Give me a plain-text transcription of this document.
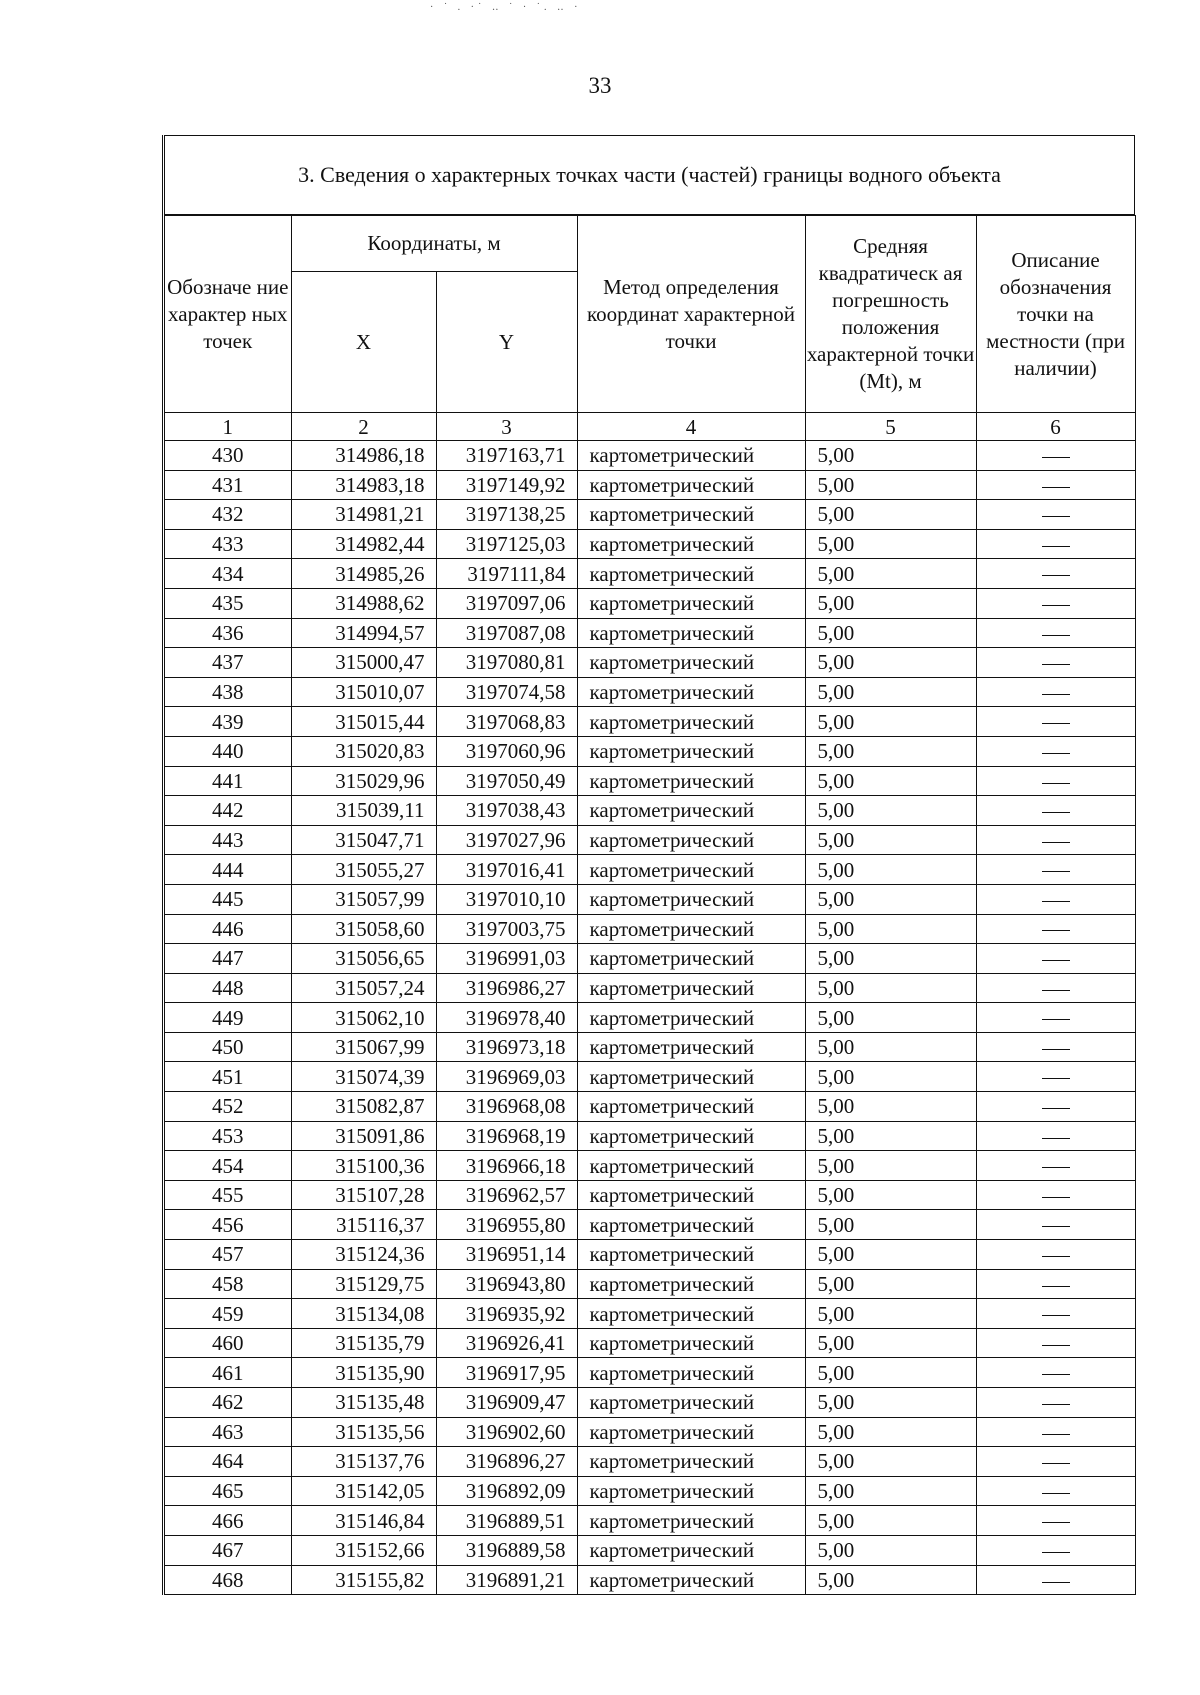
· ˙ . ·˙ ‥ ˙ · ˙. ‥ ·
33
3. Сведения о характерных точках части (частей) границы водного объекта
Обозначе ние характер ных точек	Координаты, м		Метод определения координат характерной точки	Средняя квадратическ ая погрешность положения характерной точки (Mt), м	Описание обозначения точки на местности (при наличии)
	X	Y			
1	2	3	4	5	6
430	314986,18	3197163,71	картометрический	5,00	
431	314983,18	3197149,92	картометрический	5,00	
432	314981,21	3197138,25	картометрический	5,00	
433	314982,44	3197125,03	картометрический	5,00	
434	314985,26	3197111,84	картометрический	5,00	
435	314988,62	3197097,06	картометрический	5,00	
436	314994,57	3197087,08	картометрический	5,00	
437	315000,47	3197080,81	картометрический	5,00	
438	315010,07	3197074,58	картометрический	5,00	
439	315015,44	3197068,83	картометрический	5,00	
440	315020,83	3197060,96	картометрический	5,00	
441	315029,96	3197050,49	картометрический	5,00	
442	315039,11	3197038,43	картометрический	5,00	
443	315047,71	3197027,96	картометрический	5,00	
444	315055,27	3197016,41	картометрический	5,00	
445	315057,99	3197010,10	картометрический	5,00	
446	315058,60	3197003,75	картометрический	5,00	
447	315056,65	3196991,03	картометрический	5,00	
448	315057,24	3196986,27	картометрический	5,00	
449	315062,10	3196978,40	картометрический	5,00	
450	315067,99	3196973,18	картометрический	5,00	
451	315074,39	3196969,03	картометрический	5,00	
452	315082,87	3196968,08	картометрический	5,00	
453	315091,86	3196968,19	картометрический	5,00	
454	315100,36	3196966,18	картометрический	5,00	
455	315107,28	3196962,57	картометрический	5,00	
456	315116,37	3196955,80	картометрический	5,00	
457	315124,36	3196951,14	картометрический	5,00	
458	315129,75	3196943,80	картометрический	5,00	
459	315134,08	3196935,92	картометрический	5,00	
460	315135,79	3196926,41	картометрический	5,00	
461	315135,90	3196917,95	картометрический	5,00	
462	315135,48	3196909,47	картометрический	5,00	
463	315135,56	3196902,60	картометрический	5,00	
464	315137,76	3196896,27	картометрический	5,00	
465	315142,05	3196892,09	картометрический	5,00	
466	315146,84	3196889,51	картометрический	5,00	
467	315152,66	3196889,58	картометрический	5,00	
468	315155,82	3196891,21	картометрический	5,00	
